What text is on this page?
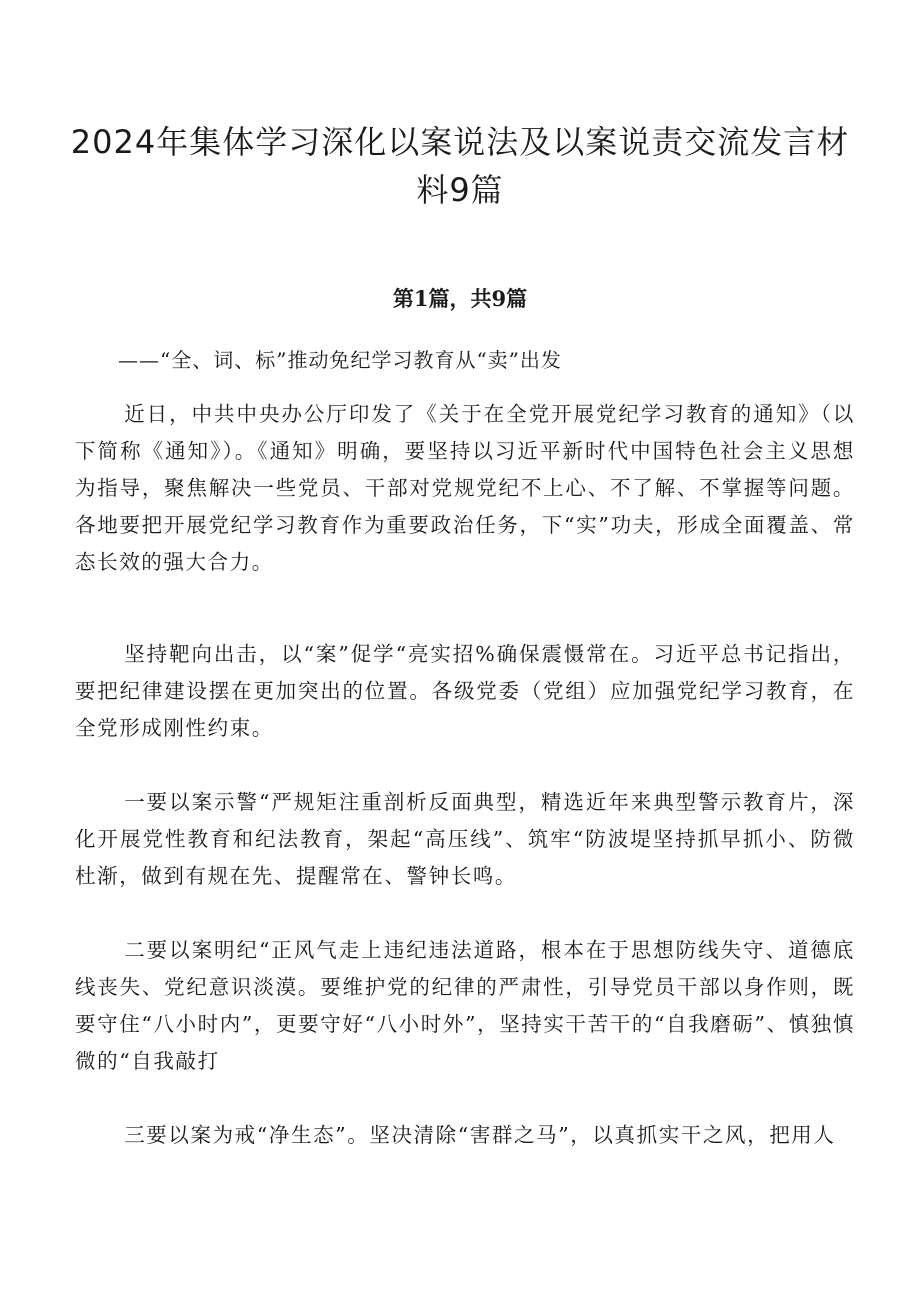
2024年集体学习深化以案说法及以案说责交流发言材料9篇
第1篇，共9篇

——“全、词、标”推动免纪学习教育从“卖”出发

近日，中共中央办公厅印发了《关于在全党开展党纪学习教育的通知》（以下简称《通知》）。《通知》明确，要坚持以习近平新时代中国特色社会主义思想为指导，聚焦解决一些党员、干部对党规党纪不上心、不了解、不掌握等问题。各地要把开展党纪学习教育作为重要政治任务，下“实”功夫，形成全面覆盖、常态长效的强大合力。

坚持靶向出击，以“案”促学“亮实招%确保震慑常在。习近平总书记指出，要把纪律建设摆在更加突出的位置。各级党委（党组）应加强党纪学习教育，在全党形成刚性约束。

一要以案示警“严规矩注重剖析反面典型，精选近年来典型警示教育片，深化开展党性教育和纪法教育，架起“高压线”、筑牢“防波堤坚持抓早抓小、防微杜渐，做到有规在先、提醒常在、警钟长鸣。

二要以案明纪“正风气走上违纪违法道路，根本在于思想防线失守、道德底线丧失、党纪意识淡漠。要维护党的纪律的严肃性，引导党员干部以身作则，既要守住“八小时内”，更要守好“八小时外”，坚持实干苦干的“自我磨砺”、慎独慎微的“自我敲打

三要以案为戒“净生态”。坚决清除“害群之马”，以真抓实干之风，把用人
